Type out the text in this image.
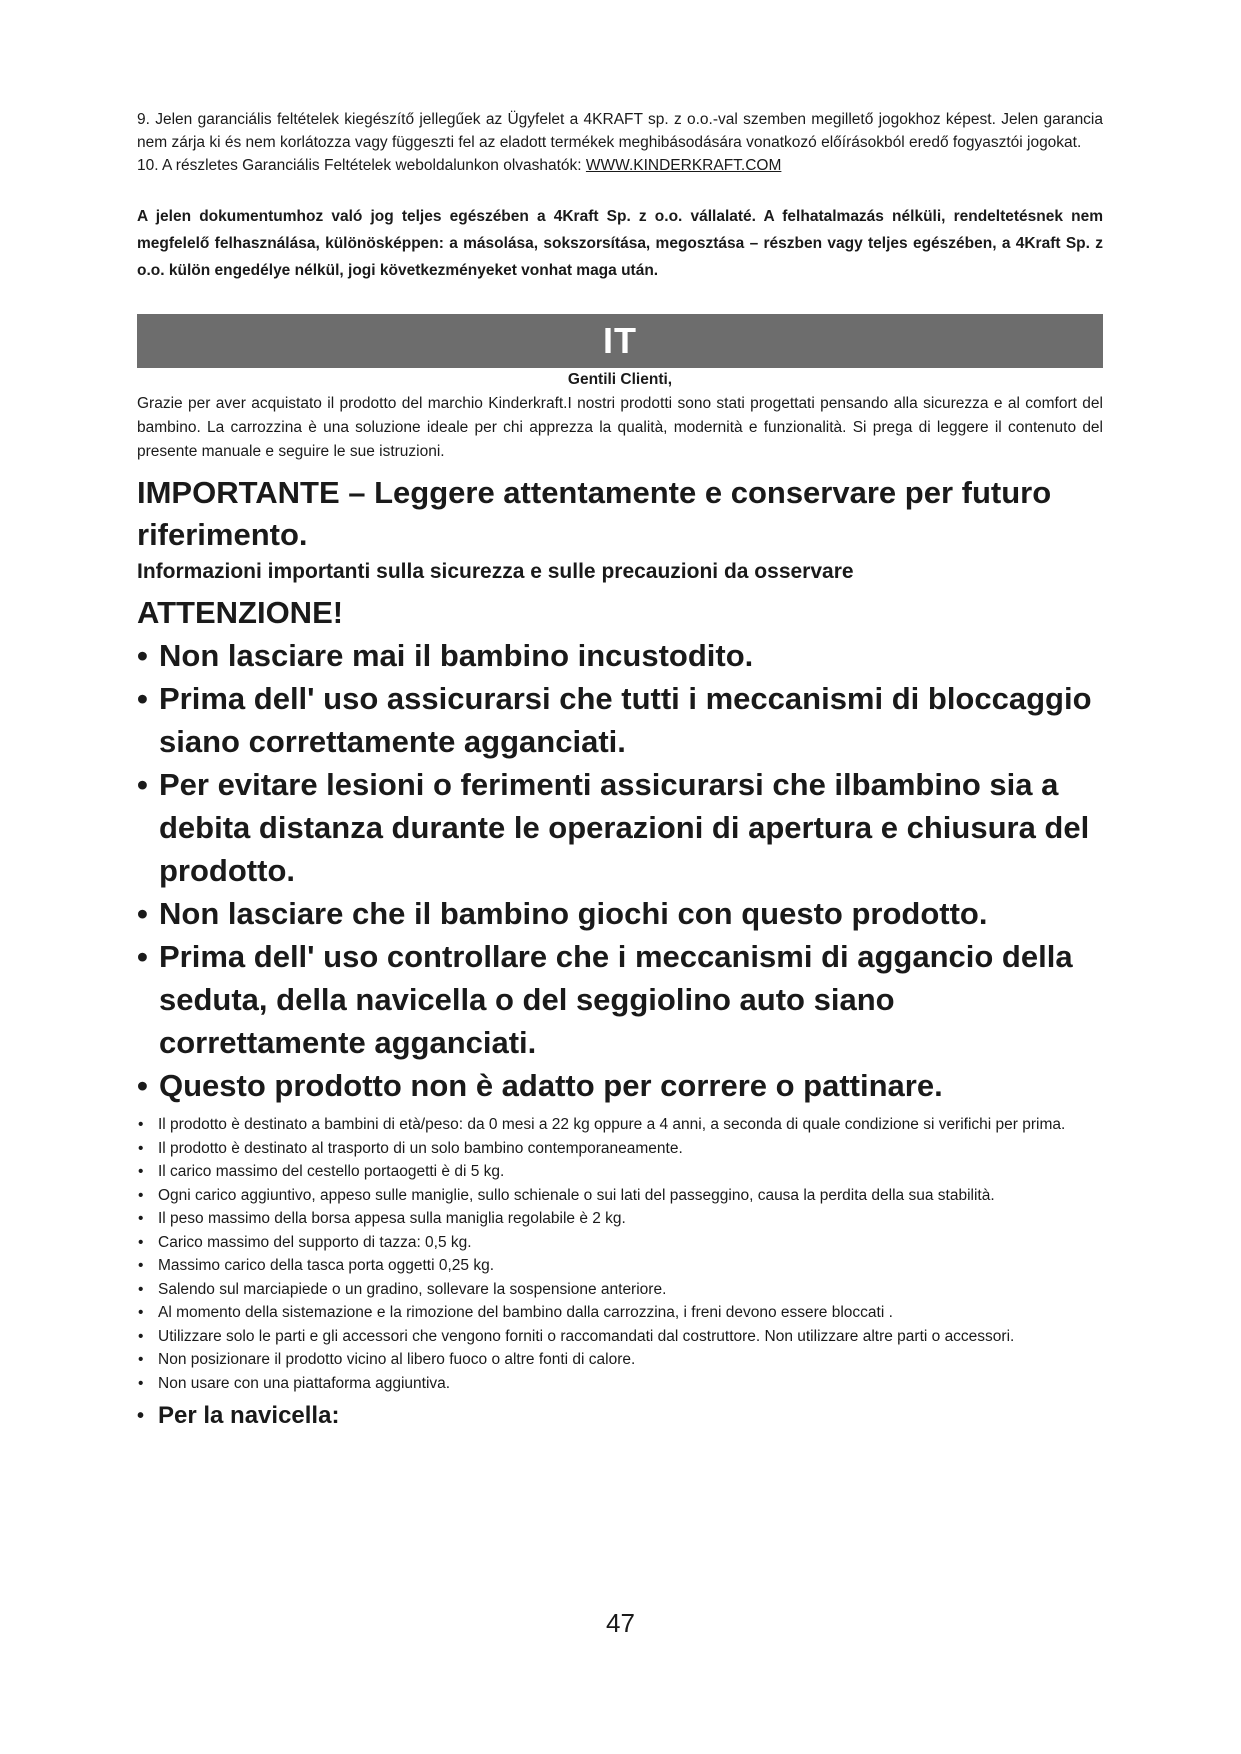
9. Jelen garanciális feltételek kiegészítő jellegűek az Ügyfelet a 4KRAFT sp. z o.o.-val szemben megillető jogokhoz képest. Jelen garancia nem zárja ki és nem korlátozza vagy függeszti fel az eladott termékek meghibásodására vonatkozó előírásokból eredő fogyasztói jogokat.

10. A részletes Garanciális Feltételek weboldalunkon olvashatók: WWW.KINDERKRAFT.COM

A jelen dokumentumhoz való jog teljes egészében a 4Kraft Sp. z o.o. vállalaté. A felhatalmazás nélküli, rendeltetésnek nem megfelelő felhasználása, különösképpen: a másolása, sokszorsítása, megosztása – részben vagy teljes egészében, a 4Kraft Sp. z o.o. külön engedélye nélkül, jogi következményeket vonhat maga után.

IT

Gentili Clienti,

Grazie per aver acquistato il prodotto del marchio Kinderkraft.I nostri prodotti sono stati progettati pensando alla sicurezza e al comfort del bambino. La carrozzina è una soluzione ideale per chi apprezza la qualità, modernità e funzionalità. Si prega di leggere il contenuto del presente manuale e seguire le sue istruzioni.

IMPORTANTE – Leggere attentamente e conservare per futuro riferimento.

Informazioni importanti sulla sicurezza e sulle precauzioni da osservare

ATTENZIONE!

• Non lasciare mai il bambino incustodito.
• Prima dell' uso assicurarsi che tutti i meccanismi di bloccaggio siano correttamente agganciati.
• Per evitare lesioni o ferimenti assicurarsi che ilbambino sia a debita distanza durante le operazioni di apertura e chiusura del prodotto.
• Non lasciare che il bambino giochi con questo prodotto.
• Prima dell' uso controllare che i meccanismi di aggancio della seduta, della navicella o del seggiolino auto siano correttamente agganciati.
• Questo prodotto non è adatto per correre o pattinare.
• Il prodotto è destinato a bambini di età/peso: da 0 mesi a 22 kg oppure a 4 anni, a seconda di quale condizione si verifichi per prima.
• Il prodotto è destinato al trasporto di un solo bambino contemporaneamente.
• Il carico massimo del cestello portaogetti è di 5 kg.
• Ogni carico aggiuntivo, appeso sulle maniglie, sullo schienale o sui lati del passeggino, causa la perdita della sua stabilità.
• Il peso massimo della borsa appesa sulla maniglia regolabile è 2 kg.
• Carico massimo del supporto di tazza: 0,5 kg.
• Massimo carico della tasca porta oggetti 0,25 kg.
• Salendo sul marciapiede o un gradino, sollevare la sospensione anteriore.
• Al momento della sistemazione e la rimozione del bambino dalla carrozzina, i freni devono essere bloccati .
• Utilizzare solo le parti e gli accessori che vengono forniti o raccomandati dal costruttore. Non utilizzare altre parti o accessori.
• Non posizionare il prodotto vicino al libero fuoco o altre fonti di calore.
• Non usare con una piattaforma aggiuntiva.

• Per la navicella:

47
